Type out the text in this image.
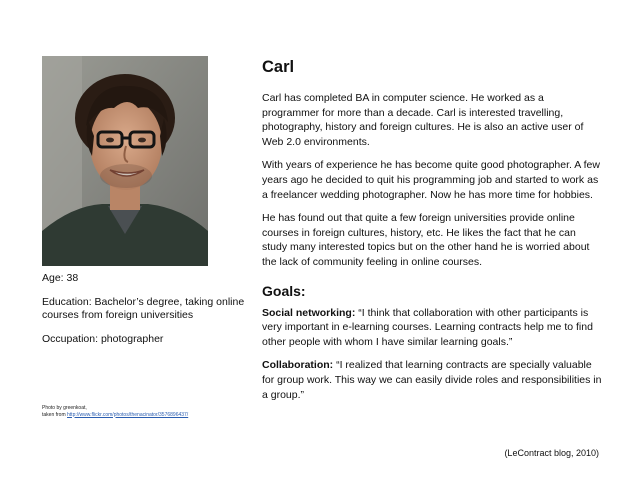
Age: 38

Education: Bachelor’s degree, taking online courses from foreign universities

Occupation: photographer

Photo by greenkoat,
taken from http://www.flickr.com/photos/thenacinator/3576896437/
Carl

Carl has completed BA in computer science. He worked as a programmer for more than a decade. Carl is interested travelling, photography, history and foreign cultures. He is also an active user of Web 2.0 environments.

With years of experience he has become quite good photographer. A few years ago he decided to quit his programming job and started to work as a freelancer wedding photographer. Now he has more time for hobbies.

He has found out that quite a few foreign universities provide online courses in foreign cultures, history, etc. He likes the fact that he can study many interested topics but on the other hand he is worried about the lack of community feeling in online courses.

Goals:

Social networking: “I think that collaboration with other participants is very important in e-learning courses. Learning contracts help me to find other people with whom I have similar learning goals.”

Collaboration: “I realized that learning contracts are specially valuable for group work. This way we can easily divide roles and responsibilities in a group.”

(LeContract blog, 2010)
